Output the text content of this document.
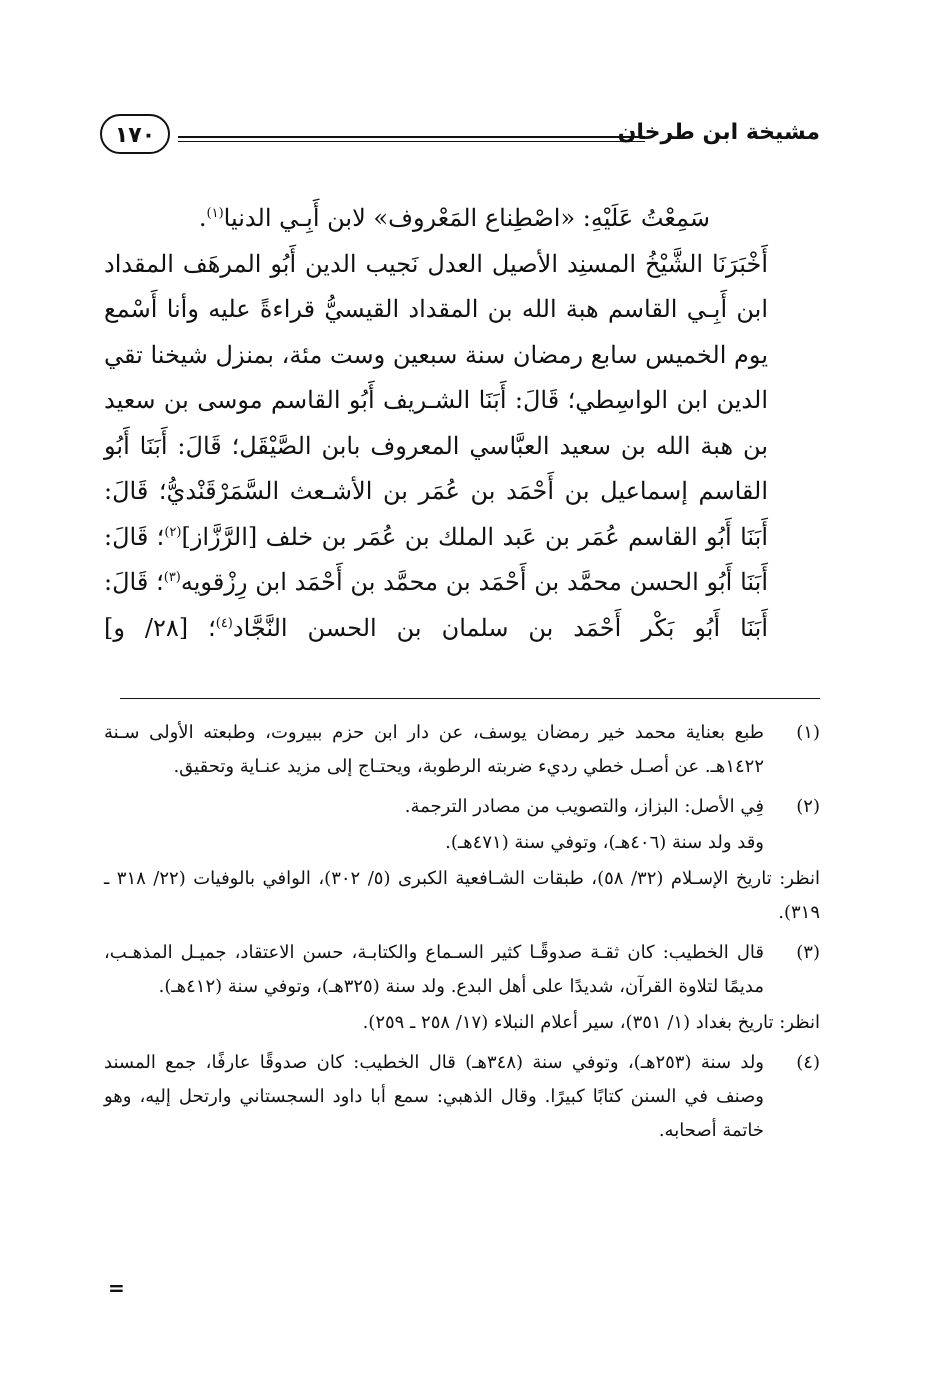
مشيخة ابن طرخان
١٧٠

سَمِعْتُ عَلَيْهِ: «اصْطِناع المَعْروف» لابن أَبِـي الدنيا$^{(١)}$.

أَخْبَرَنَا الشَّيْخُ المسنِد الأصيل العدل نَجيب الدين أَبُو المرهَف المقداد ابن أَبِـي القاسم هبة الله بن المقداد القيسيُّ قراءةً عليه وأنا أَسْمع يوم الخميس سابع رمضان سنة سبعين وست مئة، بمنزل شيخنا تقي الدين ابن الواسِطي؛ قَالَ: أَبَنَا الشـريف أَبُو القاسم موسى بن سعيد بن هبة الله بن سعيد العبَّاسي المعروف بابن الصَّيْقَل؛ قَالَ: أَبَنَا أَبُو القاسم إسماعيل بن أَحْمَد بن عُمَر بن الأشـعث السَّمَرْقَنْديُّ؛ قَالَ: أَبَنَا أَبُو القاسم عُمَر بن عَبد الملك بن عُمَر بن خلف [الرَّزَّاز]$^{(٢)}$؛ قَالَ: أَبَنَا أَبُو الحسن محمَّد بن أَحْمَد بن محمَّد بن أَحْمَد ابن رِزْقويه$^{(٣)}$؛ قَالَ: أَبَنَا أَبُو بَكْر أَحْمَد بن سلمان بن الحسن النَّجَّاد$^{(٤)}$؛ [٢٨/ و]

(١)

طبع بعناية محمد خير رمضان يوسف، عن دار ابن حزم ببيروت، وطبعته الأولى سـنة ١٤٢٢هـ. عن أصـل خطي رديء ضربته الرطوبة، ويحتـاج إلى مزيد عنـاية وتحقيق.

(٢)

فِي الأصل: البزاز، والتصويب من مصادر الترجمة.

وقد ولد سنة (٤٠٦هـ)، وتوفي سنة (٤٧١هـ).

انظر: تاريخ الإسـلام (٣٢/ ٥٨)، طبقات الشـافعية الكبرى (٥/ ٣٠٢)، الوافي بالوفيات (٢٢/ ٣١٨ ـ ٣١٩).

(٣)

قال الخطيب: كان ثقـة صدوقًـا كثير السـماع والكتابـة، حسن الاعتقاد، جميـل المذهـب، مديمًا لتلاوة القرآن، شديدًا على أهل البدع. ولد سنة (٣٢٥هـ)، وتوفي سنة (٤١٢هـ).

انظر: تاريخ بغداد (١/ ٣٥١)، سير أعلام النبلاء (١٧/ ٢٥٨ ـ ٢٥٩).

(٤)

ولد سنة (٢٥٣هـ)، وتوفي سنة (٣٤٨هـ) قال الخطيب: كان صدوقًا عارفًا، جمع المسند وصنف في السنن كتابًا كبيرًا. وقال الذهبي: سمع أبا داود السجستاني وارتحل إليه، وهو خاتمة أصحابه.

=
